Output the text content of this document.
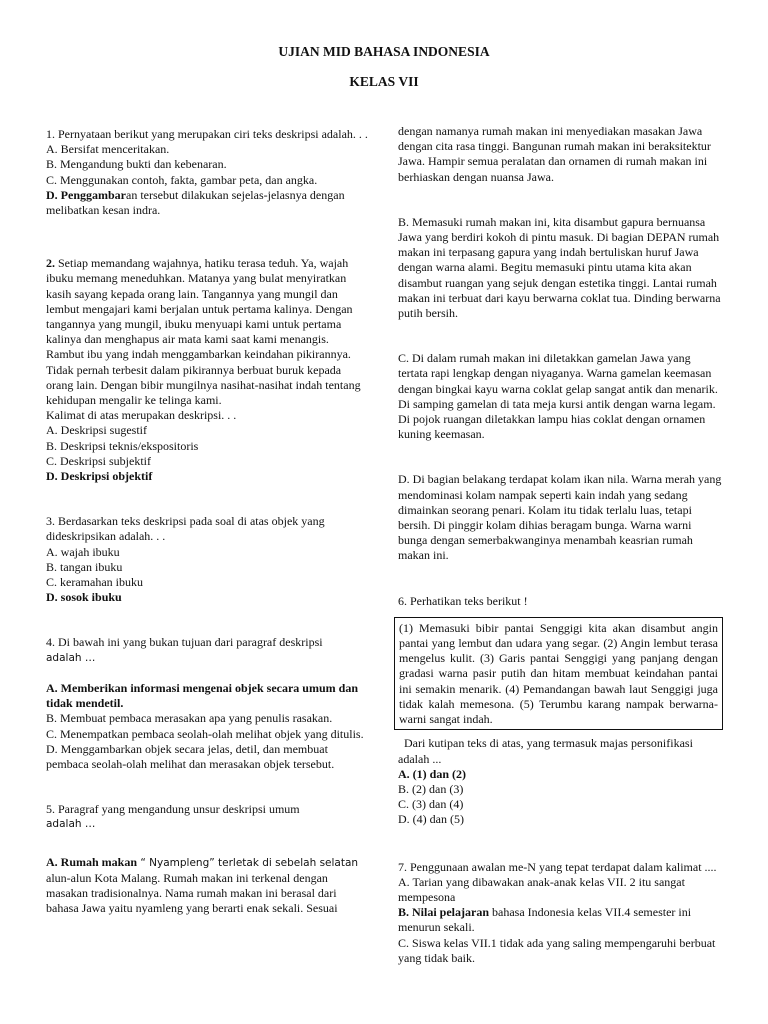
UJIAN MID BAHASA INDONESIA
KELAS VII

1. Pernyataan berikut yang merupakan ciri teks deskripsi adalah. . .

A. Bersifat menceritakan.

B. Mengandung bukti dan kebenaran.

C. Menggunakan contoh, fakta, gambar peta, dan angka.

D. Penggambaran tersebut dilakukan sejelas-jelasnya dengan melibatkan kesan indra.

2. Setiap memandang wajahnya, hatiku terasa teduh. Ya, wajah ibuku memang meneduhkan. Matanya yang bulat menyiratkan kasih sayang kepada orang lain. Tangannya yang mungil dan lembut mengajari kami berjalan untuk pertama kalinya. Dengan tangannya yang mungil, ibuku menyuapi kami untuk pertama kalinya dan menghapus air mata kami saat kami menangis.

Rambut ibu yang indah menggambarkan keindahan pikirannya. Tidak pernah terbesit dalam pikirannya berbuat buruk kepada orang lain. Dengan bibir mungilnya nasihat-nasihat indah tentang kehidupan mengalir ke telinga kami.

Kalimat di atas merupakan deskripsi. . .

A. Deskripsi sugestif

B. Deskripsi teknis/ekspositoris

C. Deskripsi subjektif

D. Deskripsi objektif

3. Berdasarkan teks deskripsi pada soal di atas objek yang dideskripsikan adalah. . .

A. wajah ibuku

B. tangan ibuku

C. keramahan ibuku

D. sosok ibuku

4. Di bawah ini yang bukan tujuan dari paragraf deskripsi

adalah …

A. Memberikan informasi mengenai objek secara umum dan tidak mendetil.

B. Membuat pembaca merasakan apa yang penulis rasakan.

C. Menempatkan pembaca seolah-olah melihat objek yang ditulis.

D. Menggambarkan objek secara jelas, detil, dan membuat pembaca seolah-olah melihat dan merasakan objek tersebut.

5. Paragraf yang mengandung unsur deskripsi umum

adalah …

A. Rumah makan “ Nyampleng” terletak di sebelah selatan

alun-alun Kota Malang. Rumah makan ini terkenal dengan masakan tradisionalnya. Nama rumah makan ini berasal dari bahasa Jawa yaitu nyamleng yang berarti enak sekali. Sesuai

dengan namanya rumah makan ini menyediakan masakan Jawa dengan cita rasa tinggi. Bangunan rumah makan ini beraksitektur Jawa. Hampir semua peralatan dan ornamen di rumah makan ini berhiaskan dengan nuansa Jawa.

B. Memasuki rumah makan ini, kita disambut gapura bernuansa Jawa yang berdiri kokoh di pintu masuk. Di bagian DEPAN rumah makan ini terpasang gapura yang indah bertuliskan huruf Jawa dengan warna alami. Begitu memasuki pintu utama kita akan disambut ruangan yang sejuk dengan estetika tinggi. Lantai rumah makan ini terbuat dari kayu berwarna coklat tua. Dinding berwarna putih bersih.

C. Di dalam rumah makan ini diletakkan gamelan Jawa yang tertata rapi lengkap dengan niyaganya. Warna gamelan keemasan dengan bingkai kayu warna coklat gelap sangat antik dan menarik. Di samping gamelan di tata meja kursi antik dengan warna legam. Di pojok ruangan diletakkan lampu hias coklat dengan ornamen kuning keemasan.

D. Di bagian belakang terdapat kolam ikan nila. Warna merah yang mendominasi kolam nampak seperti kain indah yang sedang dimainkan seorang penari. Kolam itu tidak terlalu luas, tetapi bersih. Di pinggir kolam dihias beragam bunga. Warna warni bunga dengan semerbakwanginya menambah keasrian rumah makan ini.

6. Perhatikan teks berikut !

(1) Memasuki bibir pantai Senggigi kita akan disambut angin pantai yang lembut dan udara yang segar. (2) Angin lembut terasa mengelus kulit. (3) Garis pantai Senggigi yang panjang dengan gradasi warna pasir putih dan hitam membuat keindahan pantai ini semakin menarik. (4) Pemandangan bawah laut Senggigi juga tidak kalah memesona. (5) Terumbu karang nampak berwarna-warni sangat indah.

Dari kutipan teks di atas, yang termasuk majas personifikasi adalah ...

A. (1) dan (2)

B. (2) dan (3)

C. (3) dan (4)

D. (4) dan (5)

7. Penggunaan awalan me-N yang tepat terdapat dalam kalimat ....

A. Tarian yang dibawakan anak-anak kelas VII. 2 itu sangat mempesona

B. Nilai pelajaran bahasa Indonesia kelas VII.4 semester ini menurun sekali.

C. Siswa kelas VII.1 tidak ada yang saling mempengaruhi berbuat yang tidak baik.
